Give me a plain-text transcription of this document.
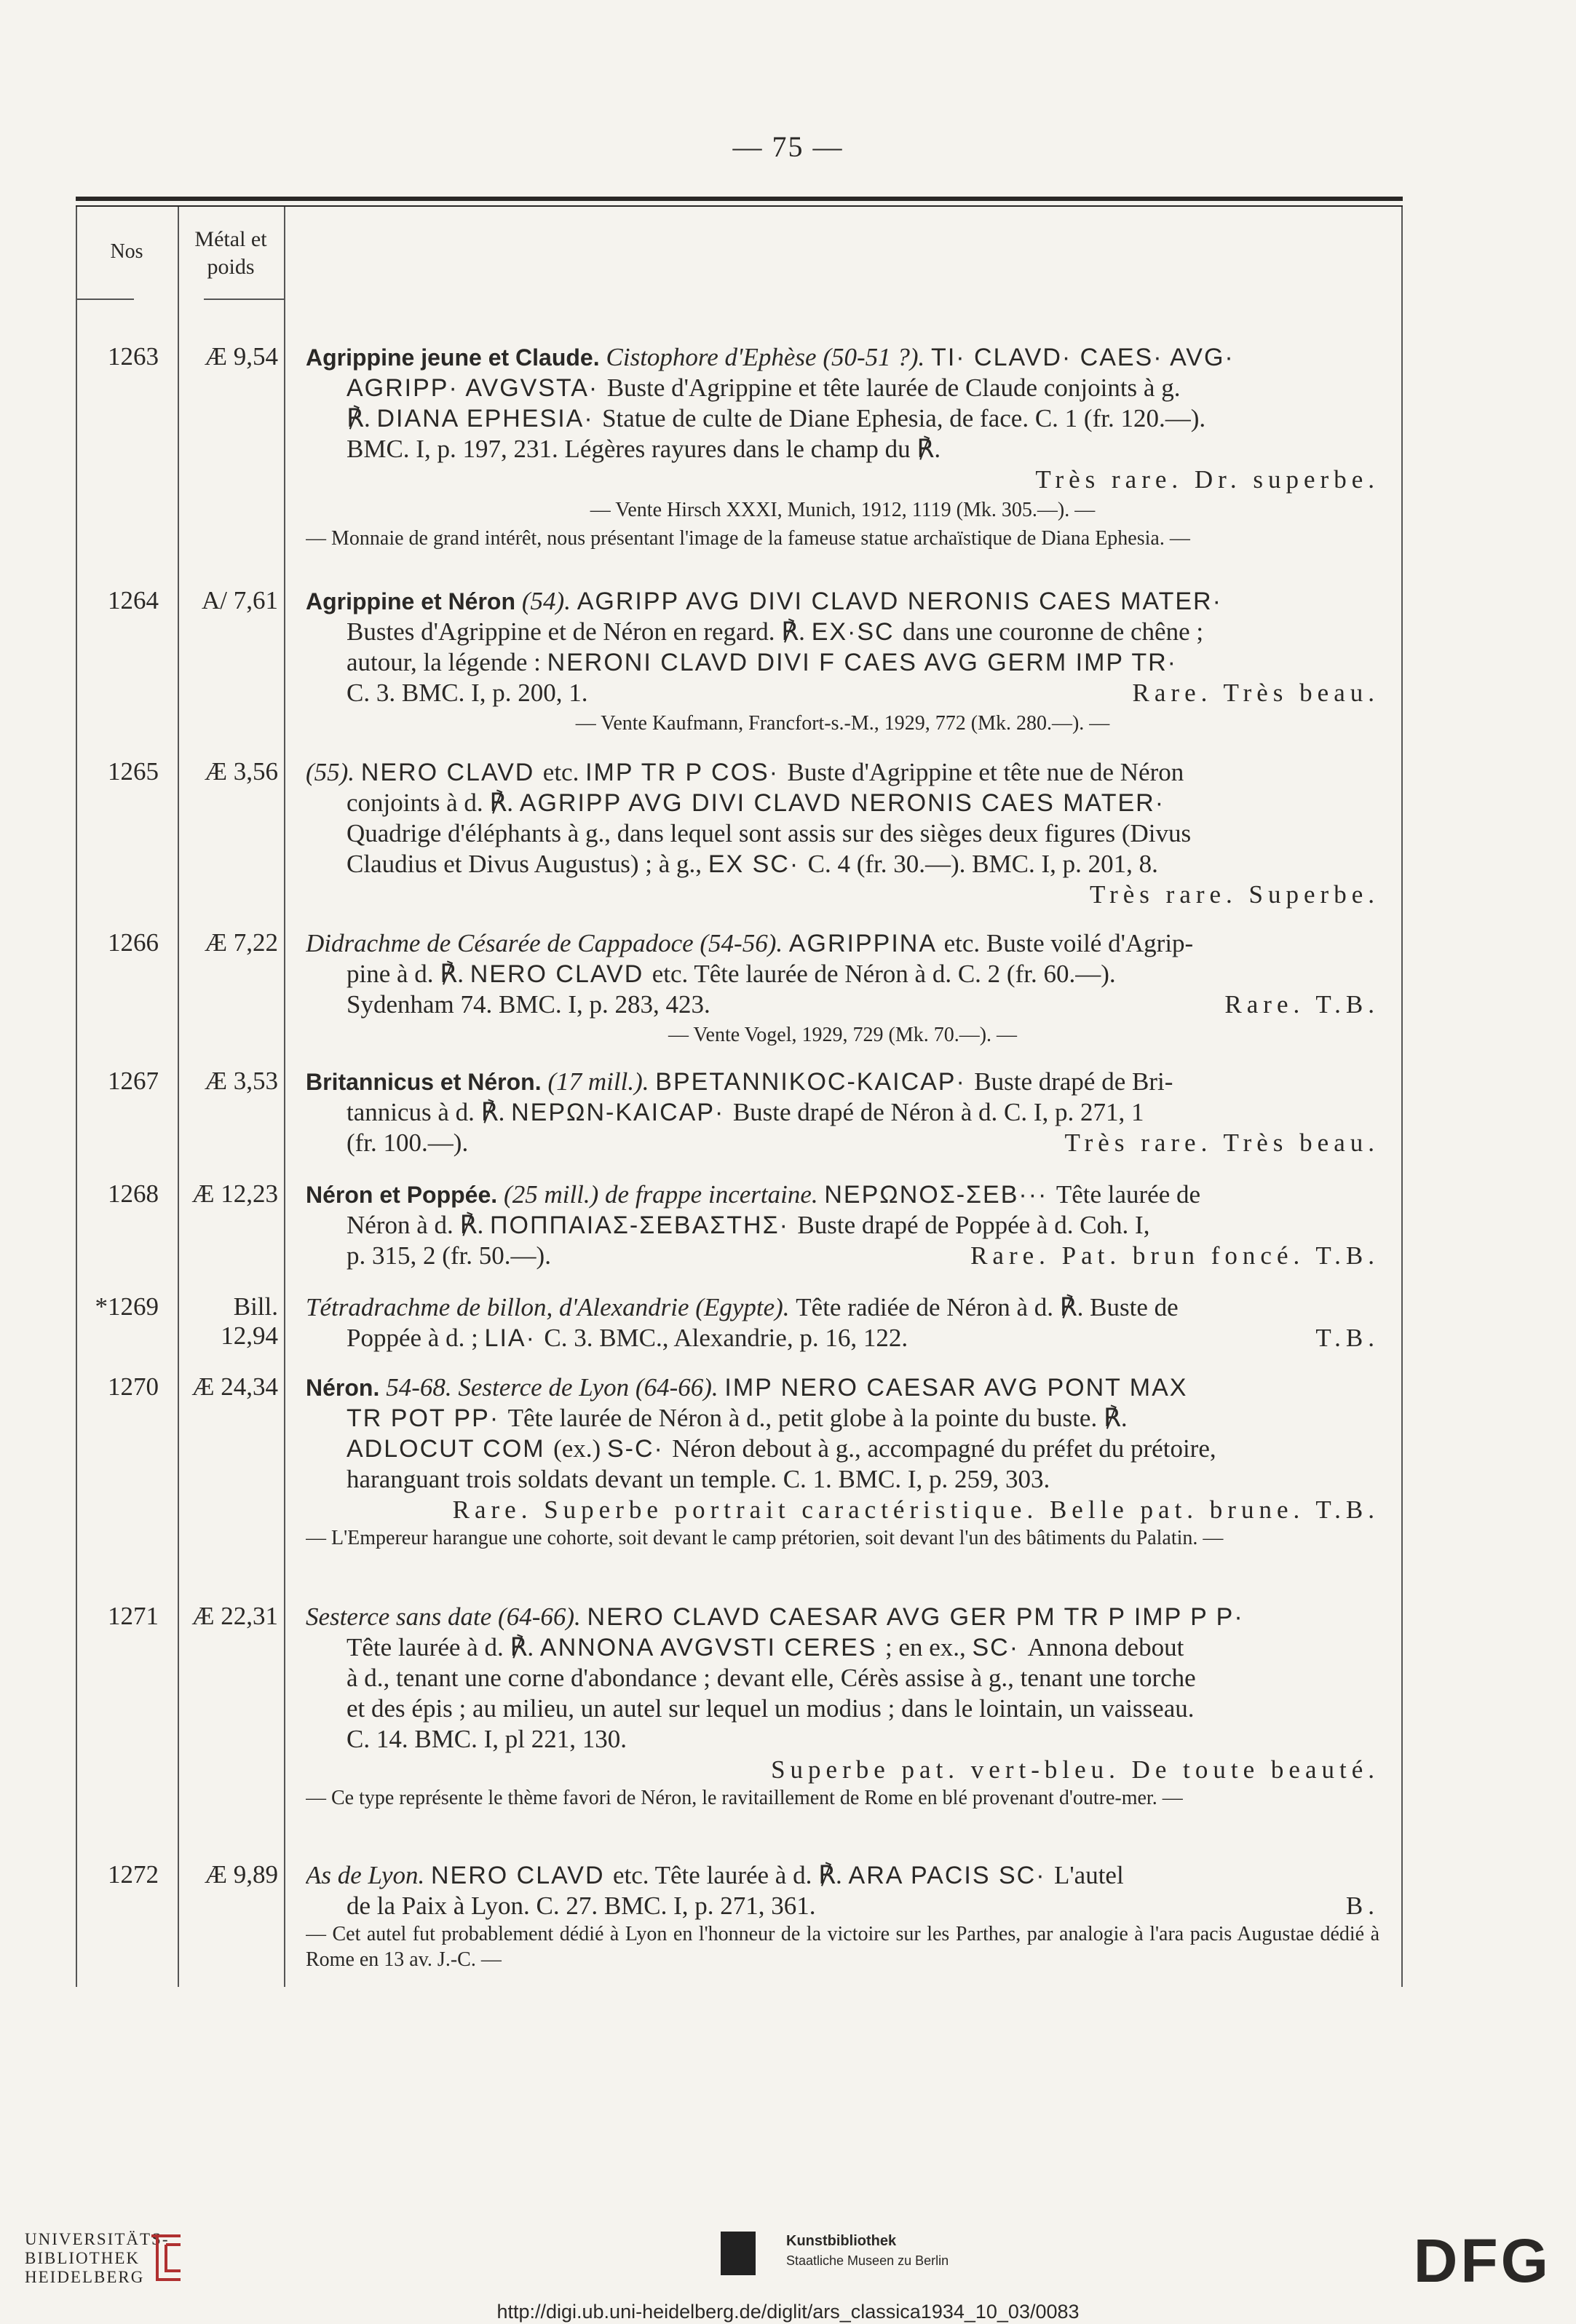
— 75 —
Nos
Métal et
poids
1263	Æ 9,54 Agrippine jeune et Claude. Cistophore d'Ephèse (50-51 ?). TI· CLAVD· CAES· AVG·
AGRIPP· AVGVSTA· Buste d'Agrippine et tête laurée de Claude conjoints à g.
℟. DIANA EPHESIA· Statue de culte de Diane Ephesia, de face. C. 1 (fr. 120.—).
BMC. I, p. 197, 231. Légères rayures dans le champ du ℟.
Très rare. Dr. superbe.
— Vente Hirsch XXXI, Munich, 1912, 1119 (Mk. 305.—). —
— Monnaie de grand intérêt, nous présentant l'image de la fameuse statue archaïstique de Diana Ephesia. —
1264	A/ 7,61 Agrippine et Néron (54). AGRIPP AVG DIVI CLAVD NERONIS CAES MATER·
Bustes d'Agrippine et de Néron en regard. ℟. EX·SC dans une couronne de chêne ;
autour, la légende : NERONI CLAVD DIVI F CAES AVG GERM IMP TR·
C. 3. BMC. I, p. 200, 1.	Rare. Très beau.
— Vente Kaufmann, Francfort-s.-M., 1929, 772 (Mk. 280.—). —
1265	Æ 3,56 (55). NERO CLAVD etc. IMP TR P COS· Buste d'Agrippine et tête nue de Néron
conjoints à d. ℟. AGRIPP AVG DIVI CLAVD NERONIS CAES MATER·
Quadrige d'éléphants à g., dans lequel sont assis sur des sièges deux figures (Divus
Claudius et Divus Augustus) ; à g., EX SC· C. 4 (fr. 30.—). BMC. I, p. 201, 8.
Très rare. Superbe.
1266	Æ 7,22 Didrachme de Césarée de Cappadoce (54-56). AGRIPPINA etc. Buste voilé d'Agrip-
pine à d. ℟. NERO CLAVD etc. Tête laurée de Néron à d. C. 2 (fr. 60.—).
Sydenham 74. BMC. I, p. 283, 423.	Rare. T.B.
— Vente Vogel, 1929, 729 (Mk. 70.—). —
1267	Æ 3,53 Britannicus et Néron. (17 mill.). BPETANNIKOC-KAICAP· Buste drapé de Bri-
tannicus à d. ℟. NEPΩN-KAICAP· Buste drapé de Néron à d. C. I, p. 271, 1
(fr. 100.—).	Très rare. Très beau.
1268	Æ 12,23 Néron et Poppée. (25 mill.) de frappe incertaine. NEPΩNOΣ-ΣEB··· Tête laurée de
Néron à d. ℟. ΠOΠΠAIAΣ-ΣEBAΣTHΣ· Buste drapé de Poppée à d. Coh. I,
p. 315, 2 (fr. 50.—).	Rare. Pat. brun foncé. T.B.
*1269	Bill. 12,94
Tétradrachme de billon, d'Alexandrie (Egypte). Tête radiée de Néron à d. ℟. Buste de
Poppée à d. ; LIA· C. 3. BMC., Alexandrie, p. 16, 122.	T.B.
1270	Æ 24,34 Néron. 54-68. Sesterce de Lyon (64-66). IMP NERO CAESAR AVG PONT MAX
TR POT PP· Tête laurée de Néron à d., petit globe à la pointe du buste. ℟.
ADLOCUT COM (ex.) S-C· Néron debout à g., accompagné du préfet du prétoire,
haranguant trois soldats devant un temple. C. 1. BMC. I, p. 259, 303.
Rare. Superbe portrait caractéristique. Belle pat. brune. T.B.
— L'Empereur harangue une cohorte, soit devant le camp prétorien, soit devant l'un des bâtiments du Palatin. —
1271	Æ 22,31 Sesterce sans date (64-66). NERO CLAVD CAESAR AVG GER PM TR P IMP P P·
Tête laurée à d. ℟. ANNONA AVGVSTI CERES ; en ex., SC· Annona debout
à d., tenant une corne d'abondance ; devant elle, Cérès assise à g., tenant une torche
et des épis ; au milieu, un autel sur lequel un modius ; dans le lointain, un vaisseau.
C. 14. BMC. I, pl 221, 130.
Superbe pat. vert-bleu. De toute beauté.
— Ce type représente le thème favori de Néron, le ravitaillement de Rome en blé provenant d'outre-mer. —
1272	Æ 9,89 As de Lyon. NERO CLAVD etc. Tête laurée à d. ℟. ARA PACIS SC· L'autel
de la Paix à Lyon. C. 27. BMC. I, p. 271, 361.	B.
— Cet autel fut probablement dédié à Lyon en l'honneur de la victoire sur les Parthes, par analogie à l'ara pacis Augustae dédié à Rome en 13 av. J.-C. —
UNIVERSITÄTS-
BIBLIOTHEK
HEIDELBERG
Kunstbibliothek
Staatliche Museen zu Berlin	DFG
http://digi.ub.uni-heidelberg.de/diglit/ars_classica1934_10_03/0083
